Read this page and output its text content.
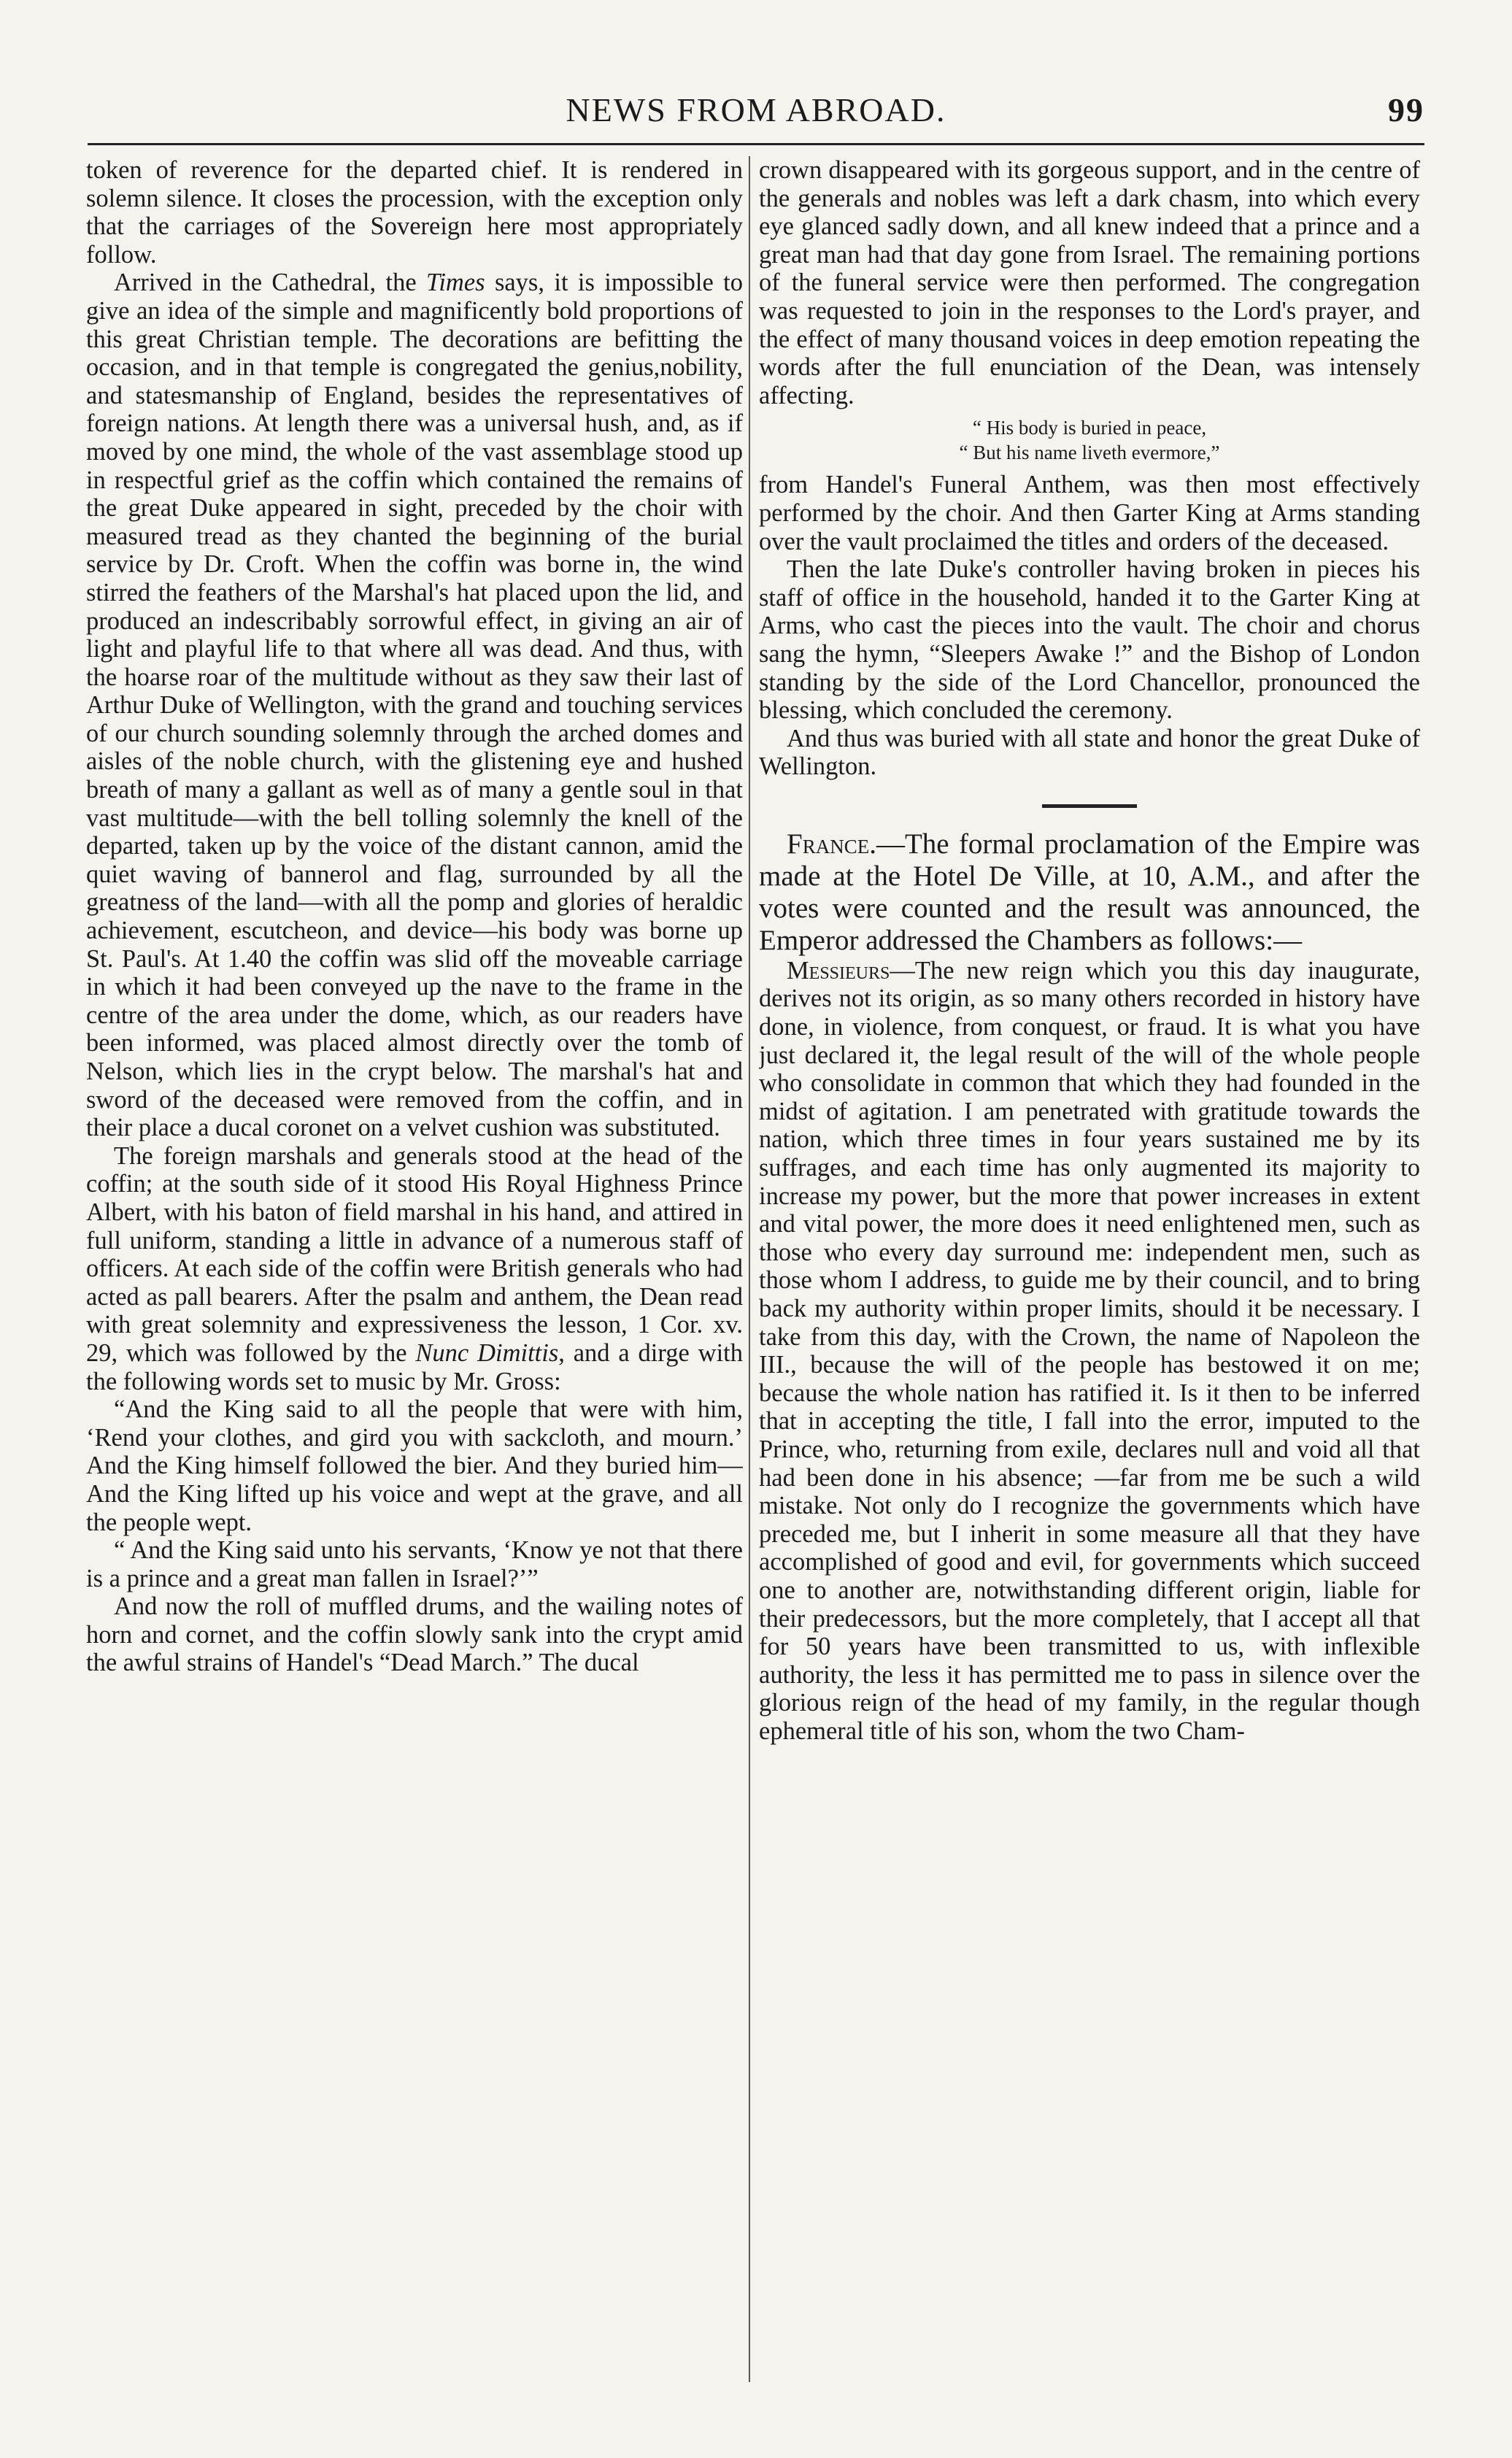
NEWS FROM ABROAD.	99

token of reverence for the departed chief. It is rendered in solemn silence. It closes the procession, with the exception only that the carriages of the Sovereign here most appropriately follow.

Arrived in the Cathedral, the Times says, it is impossible to give an idea of the simple and magnificently bold proportions of this great Christian temple. The decorations are befitting the occasion, and in that temple is congregated the genius,nobility, and statesmanship of England, besides the representatives of foreign nations. At length there was a universal hush, and, as if moved by one mind, the whole of the vast assemblage stood up in respectful grief as the coffin which contained the remains of the great Duke appeared in sight, preceded by the choir with measured tread as they chanted the beginning of the burial service by Dr. Croft. When the coffin was borne in, the wind stirred the feathers of the Marshal's hat placed upon the lid, and produced an indescribably sorrowful effect, in giving an air of light and playful life to that where all was dead. And thus, with the hoarse roar of the multitude without as they saw their last of Arthur Duke of Wellington, with the grand and touching services of our church sounding solemnly through the arched domes and aisles of the noble church, with the glistening eye and hushed breath of many a gallant as well as of many a gentle soul in that vast multitude—with the bell tolling solemnly the knell of the departed, taken up by the voice of the distant cannon, amid the quiet waving of bannerol and flag, surrounded by all the greatness of the land—with all the pomp and glories of heraldic achievement, escutcheon, and device—his body was borne up St. Paul's. At 1.40 the coffin was slid off the moveable carriage in which it had been conveyed up the nave to the frame in the centre of the area under the dome, which, as our readers have been informed, was placed almost directly over the tomb of Nelson, which lies in the crypt below. The marshal's hat and sword of the deceased were removed from the coffin, and in their place a ducal coronet on a velvet cushion was substituted.

The foreign marshals and generals stood at the head of the coffin; at the south side of it stood His Royal Highness Prince Albert, with his baton of field marshal in his hand, and attired in full uniform, standing a little in advance of a numerous staff of officers. At each side of the coffin were British generals who had acted as pall bearers. After the psalm and anthem, the Dean read with great solemnity and expressiveness the lesson, 1 Cor. xv. 29, which was followed by the Nunc Dimittis, and a dirge with the following words set to music by Mr. Gross:

“And the King said to all the people that were with him, ‘Rend your clothes, and gird you with sackcloth, and mourn.’ And the King himself followed the bier. And they buried him—And the King lifted up his voice and wept at the grave, and all the people wept.

“ And the King said unto his servants, ‘Know ye not that there is a prince and a great man fallen in Israel?’”

And now the roll of muffled drums, and the wailing notes of horn and cornet, and the coffin slowly sank into the crypt amid the awful strains of Handel's “Dead March.” The ducal

crown disappeared with its gorgeous support, and in the centre of the generals and nobles was left a dark chasm, into which every eye glanced sadly down, and all knew indeed that a prince and a great man had that day gone from Israel. The remaining portions of the funeral service were then performed. The congregation was requested to join in the responses to the Lord's prayer, and the effect of many thousand voices in deep emotion repeating the words after the full enunciation of the Dean, was intensely affecting.

“ His body is buried in peace,
“ But his name liveth evermore,”

from Handel's Funeral Anthem, was then most effectively performed by the choir. And then Garter King at Arms standing over the vault proclaimed the titles and orders of the deceased.

Then the late Duke's controller having broken in pieces his staff of office in the household, handed it to the Garter King at Arms, who cast the pieces into the vault. The choir and chorus sang the hymn, “Sleepers Awake !” and the Bishop of London standing by the side of the Lord Chancellor, pronounced the blessing, which concluded the ceremony.

And thus was buried with all state and honor the great Duke of Wellington.

France.—The formal proclamation of the Empire was made at the Hotel De Ville, at 10, A.M., and after the votes were counted and the result was announced, the Emperor addressed the Chambers as follows:—

Messieurs—The new reign which you this day inaugurate, derives not its origin, as so many others recorded in history have done, in violence, from conquest, or fraud. It is what you have just declared it, the legal result of the will of the whole people who consolidate in common that which they had founded in the midst of agitation. I am penetrated with gratitude towards the nation, which three times in four years sustained me by its suffrages, and each time has only augmented its majority to increase my power, but the more that power increases in extent and vital power, the more does it need enlightened men, such as those who every day surround me: independent men, such as those whom I address, to guide me by their council, and to bring back my authority within proper limits, should it be necessary. I take from this day, with the Crown, the name of Napoleon the III., because the will of the people has bestowed it on me; because the whole nation has ratified it. Is it then to be inferred that in accepting the title, I fall into the error, imputed to the Prince, who, returning from exile, declares null and void all that had been done in his absence; —far from me be such a wild mistake. Not only do I recognize the governments which have preceded me, but I inherit in some measure all that they have accomplished of good and evil, for governments which succeed one to another are, notwithstanding different origin, liable for their predecessors, but the more completely, that I accept all that for 50 years have been transmitted to us, with inflexible authority, the less it has permitted me to pass in silence over the glorious reign of the head of my family, in the regular though ephemeral title of his son, whom the two Cham-
